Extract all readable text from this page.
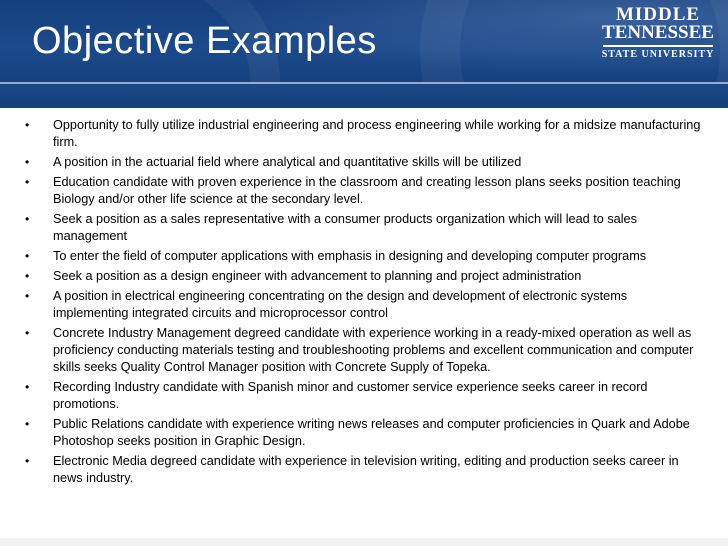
Objective Examples
MIDDLE
TENNESSEE
STATE UNIVERSITY
• Opportunity to fully utilize industrial engineering and process engineering while working for a midsize manufacturing firm.
• A position in the actuarial field where analytical and quantitative skills will be utilized
• Education candidate with proven experience in the classroom and creating lesson plans seeks position teaching Biology and/or other life science at the secondary level.
• Seek a position as a sales representative with a consumer products organization which will lead to sales management
• To enter the field of computer applications with emphasis in designing and developing computer programs
• Seek a position as a design engineer with advancement to planning and project administration
• A position in electrical engineering concentrating on the design and development of electronic systems implementing integrated circuits and microprocessor control
• Concrete Industry Management degreed candidate with experience working in a ready-mixed operation as well as proficiency conducting materials testing and troubleshooting problems and excellent communication and computer skills seeks Quality Control Manager position with Concrete Supply of Topeka.
• Recording Industry candidate with Spanish minor and customer service experience seeks career in record promotions.
• Public Relations candidate with experience writing news releases and computer proficiencies in Quark and Adobe Photoshop seeks position in Graphic Design.
• Electronic Media degreed candidate with experience in television writing, editing and production seeks career in news industry.
